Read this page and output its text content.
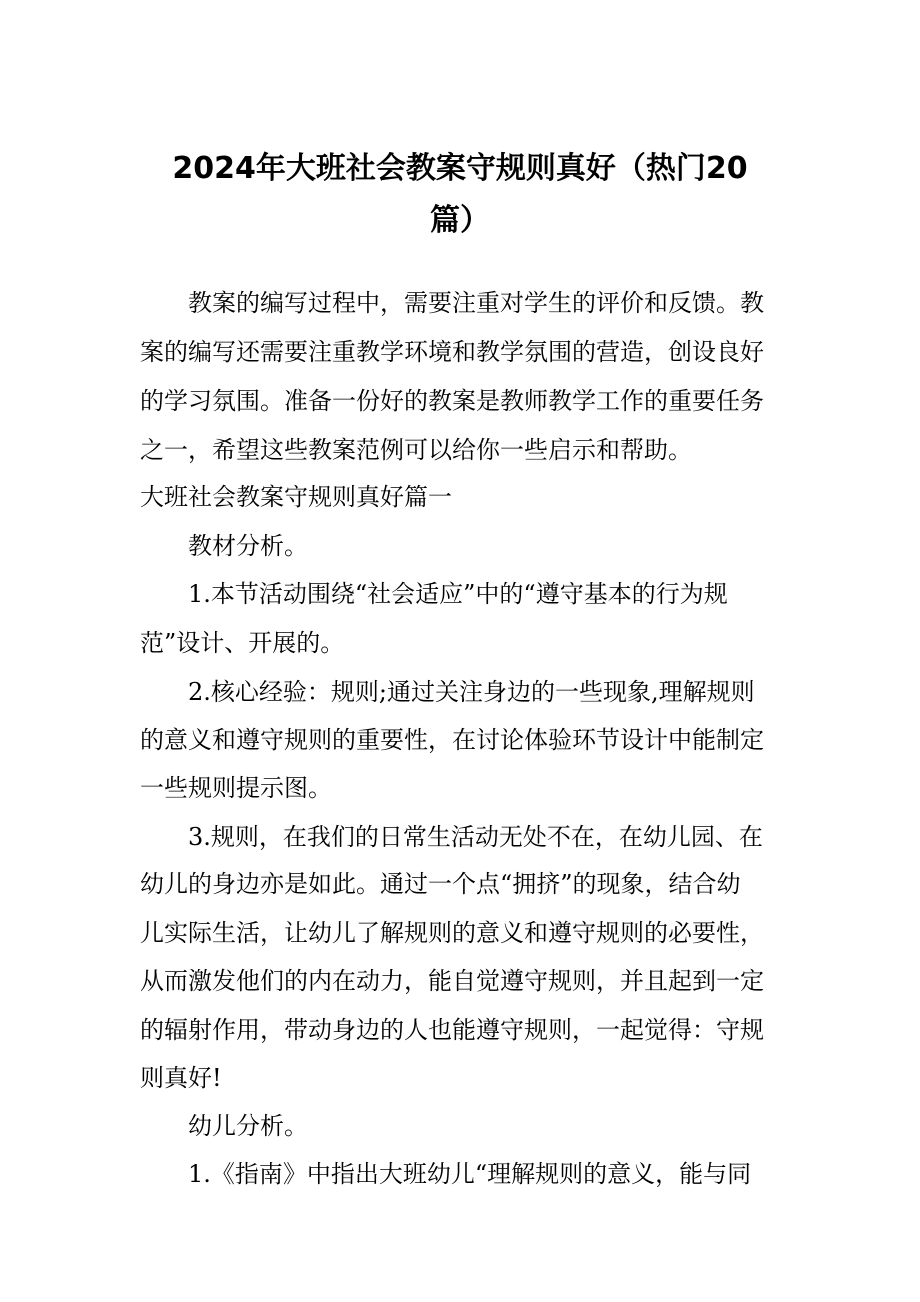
2024年大班社会教案守规则真好（热门20
篇）

教案的编写过程中，需要注重对学生的评价和反馈。教

案的编写还需要注重教学环境和教学氛围的营造，创设良好

的学习氛围。准备一份好的教案是教师教学工作的重要任务

之一，希望这些教案范例可以给你一些启示和帮助。

大班社会教案守规则真好篇一

教材分析。

1.本节活动围绕“社会适应”中的“遵守基本的行为规

范”设计、开展的。

2.核心经验：规则;通过关注身边的一些现象,理解规则

的意义和遵守规则的重要性，在讨论体验环节设计中能制定

一些规则提示图。

3.规则，在我们的日常生活动无处不在，在幼儿园、在

幼儿的身边亦是如此。通过一个点“拥挤”的现象，结合幼

儿实际生活，让幼儿了解规则的意义和遵守规则的必要性，

从而激发他们的内在动力，能自觉遵守规则，并且起到一定

的辐射作用，带动身边的人也能遵守规则，一起觉得：守规

则真好!

幼儿分析。

1.《指南》中指出大班幼儿“理解规则的意义，能与同
